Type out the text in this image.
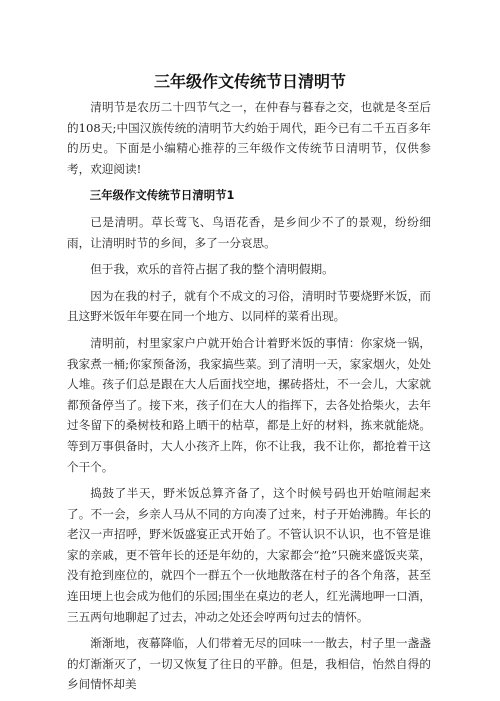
三年级作文传统节日清明节

清明节是农历二十四节气之一，在仲春与暮春之交，也就是冬至后的108天;中国汉族传统的清明节大约始于周代，距今已有二千五百多年的历史。下面是小编精心推荐的三年级作文传统节日清明节，仅供参考，欢迎阅读!

三年级作文传统节日清明节1

已是清明。草长莺飞、鸟语花香，是乡间少不了的景观，纷纷细雨，让清明时节的乡间，多了一分哀思。

但于我，欢乐的音符占据了我的整个清明假期。

因为在我的村子，就有个不成文的习俗，清明时节要烧野米饭，而且这野米饭年年要在同一个地方、以同样的菜肴出现。

清明前，村里家家户户就开始合计着野米饭的事情：你家烧一锅，我家煮一桶;你家预备汤，我家搞些菜。到了清明一天，家家烟火，处处人堆。孩子们总是跟在大人后面找空地，摞砖搭灶，不一会儿，大家就都预备停当了。接下来，孩子们在大人的指挥下，去各处拾柴火，去年过冬留下的桑树枝和路上晒干的枯草，都是上好的材料，拣来就能烧。等到万事俱备时，大人小孩齐上阵，你不让我，我不让你，都抢着干这个干个。

捣鼓了半天，野米饭总算齐备了，这个时候号码也开始喧闹起来了。不一会，乡亲人马从不同的方向凑了过来，村子开始沸腾。年长的老汉一声招呼，野米饭盛宴正式开始了。不管认识不认识，也不管是谁家的亲戚，更不管年长的还是年幼的，大家都会“抢”只碗来盛饭夹菜，没有抢到座位的，就四个一群五个一伙地散落在村子的各个角落，甚至连田埂上也会成为他们的乐园;围坐在桌边的老人，红光满地呷一口酒，三五两句地聊起了过去，冲动之处还会哼两句过去的情怀。

渐渐地，夜幕降临，人们带着无尽的回味一一散去，村子里一盏盏的灯渐渐灭了，一切又恢复了往日的平静。但是，我相信，怡然自得的乡间情怀却美
